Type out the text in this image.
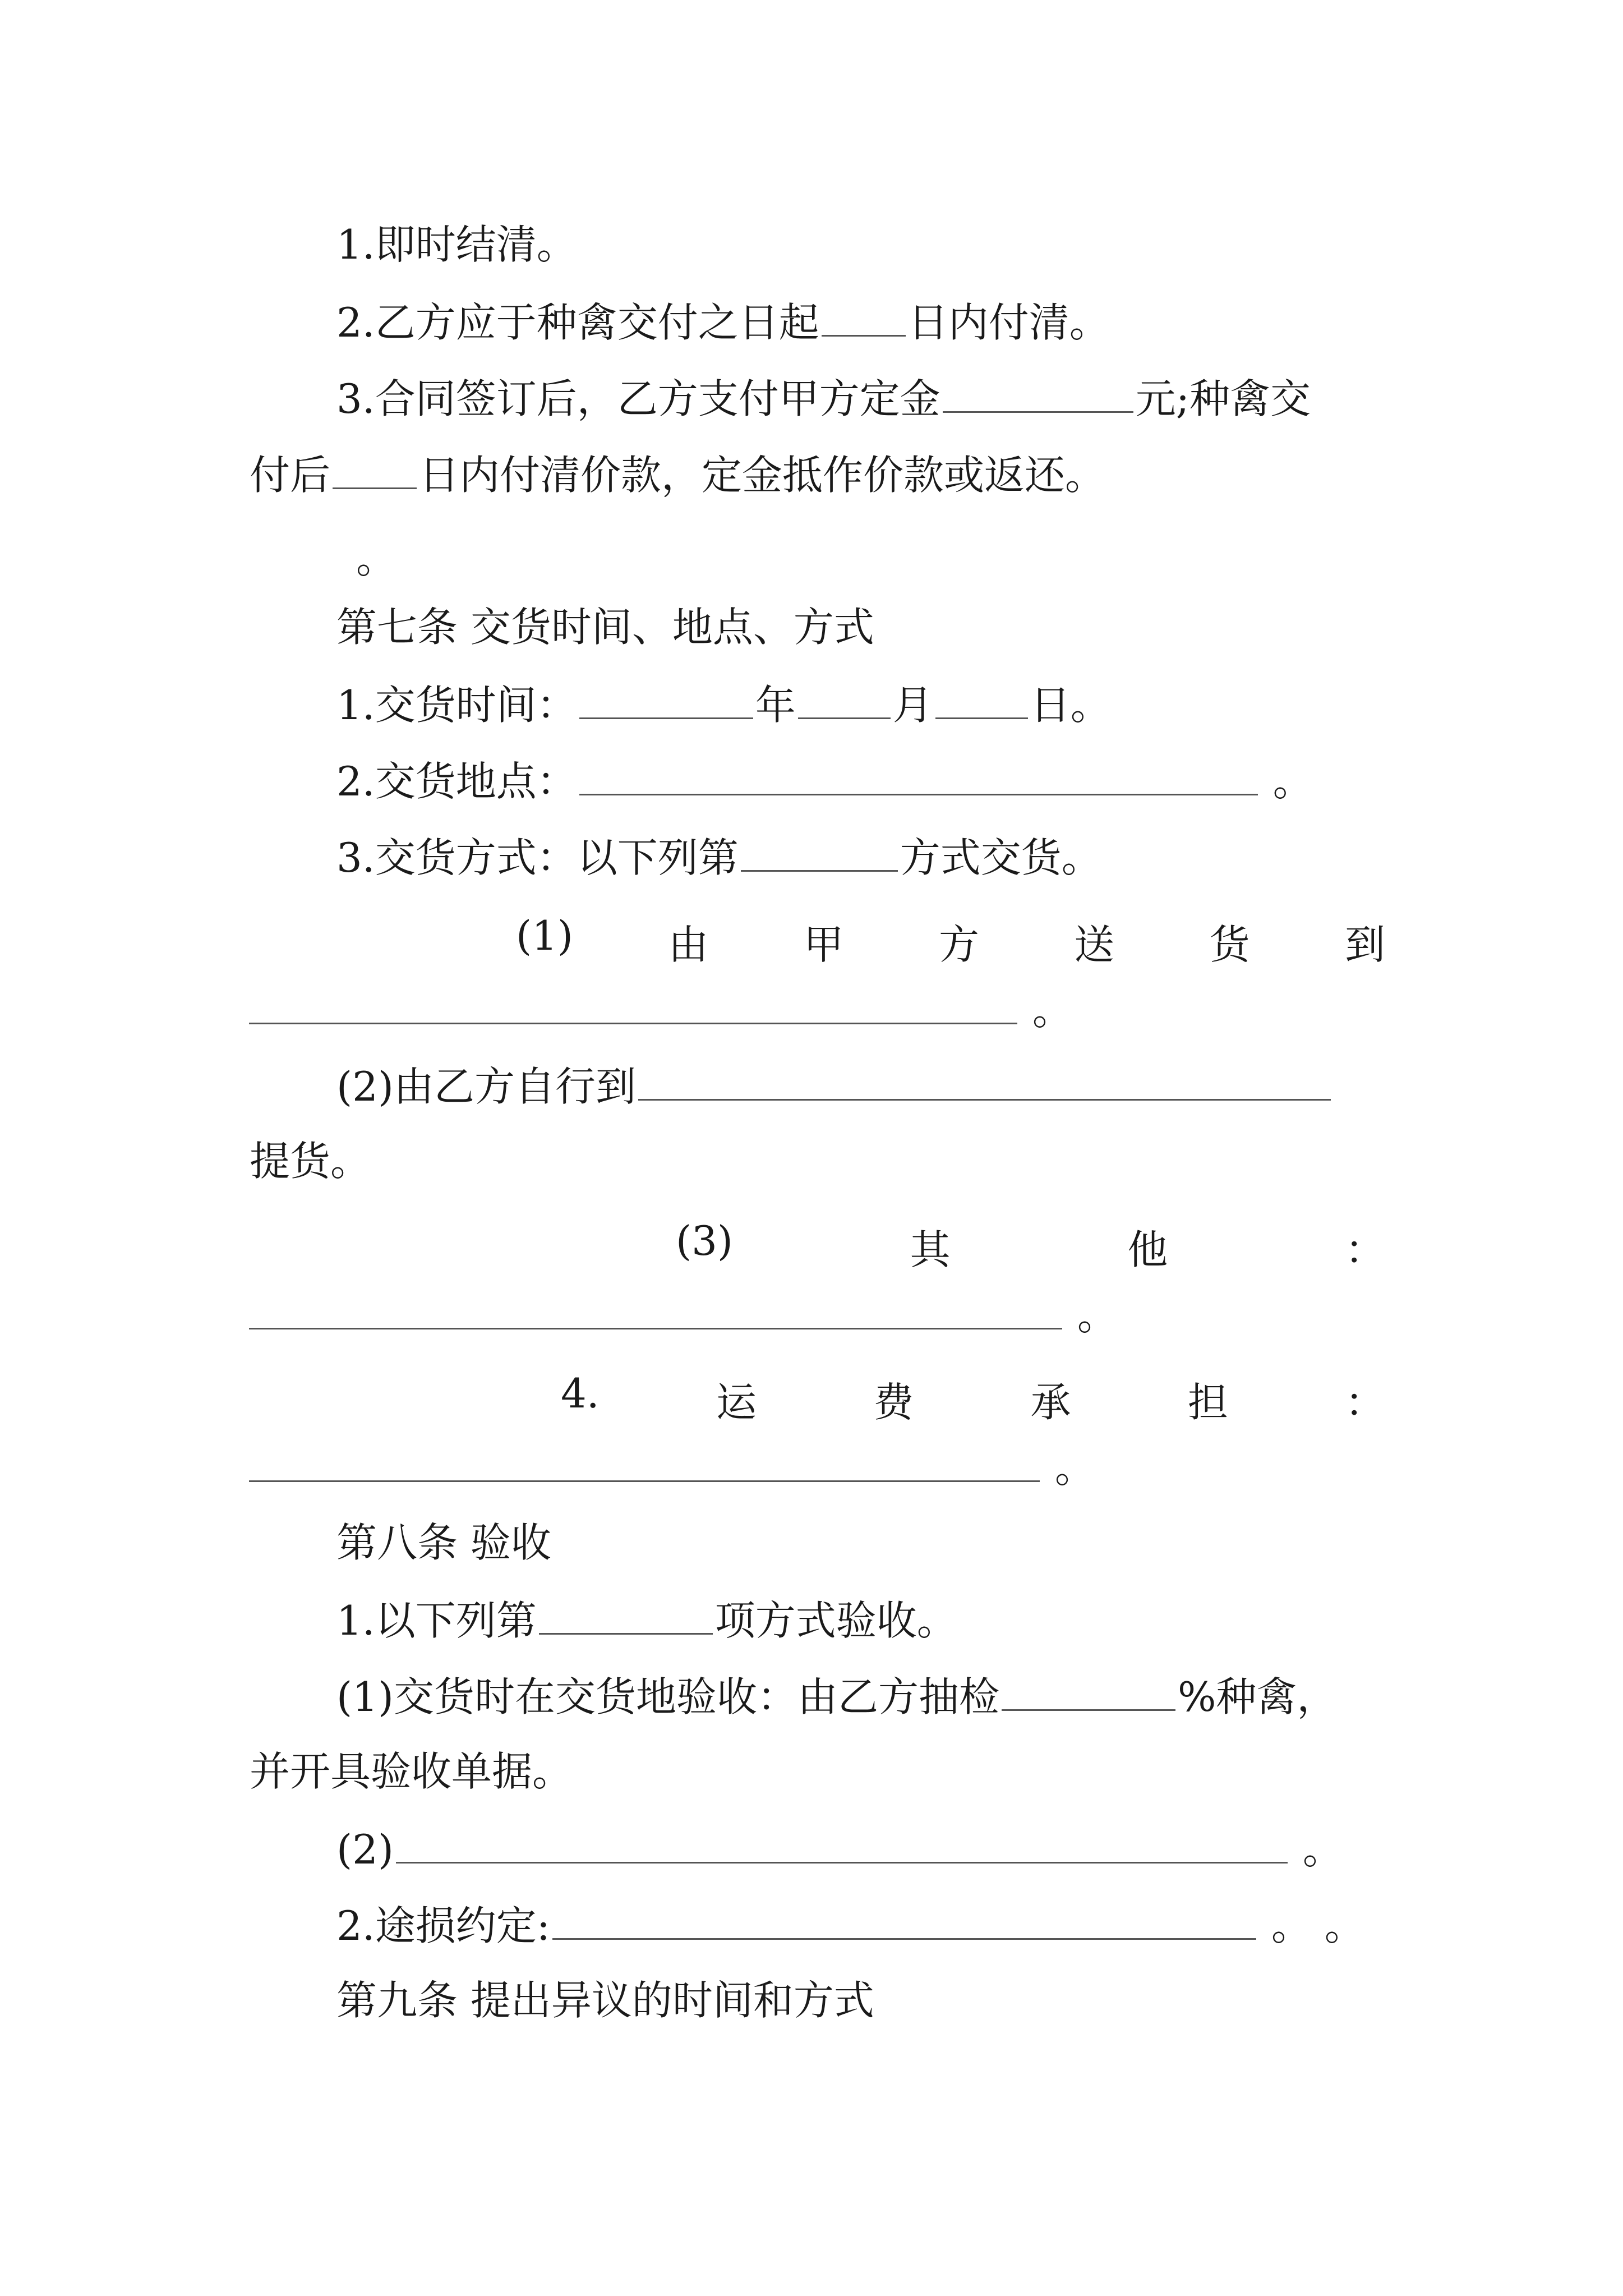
1.即时结清。
2.乙方应于种禽交付之日起 日内付清。
3.合同签订后，乙方支付甲方定金	元;种禽交
付后 日内付清价款，定金抵作价款或返还。
。
第七条 交货时间、地点、方式
1.交货时间：	年 月 日。
2.交货地点：	。
3.交货方式：以下列第	方式交货。
(1) 由 甲 方 送 货 到
。
(2)由乙方自行到
提货。
(3)	其	他	：
。
4.	运	费	承	担	：
。
第八条 验收
1.以下列第	项方式验收。
(1)交货时在交货地验收：由乙方抽检	%种禽，
并开具验收单据。
(2)	。
2.途损约定:	。 。
第九条 提出异议的时间和方式
